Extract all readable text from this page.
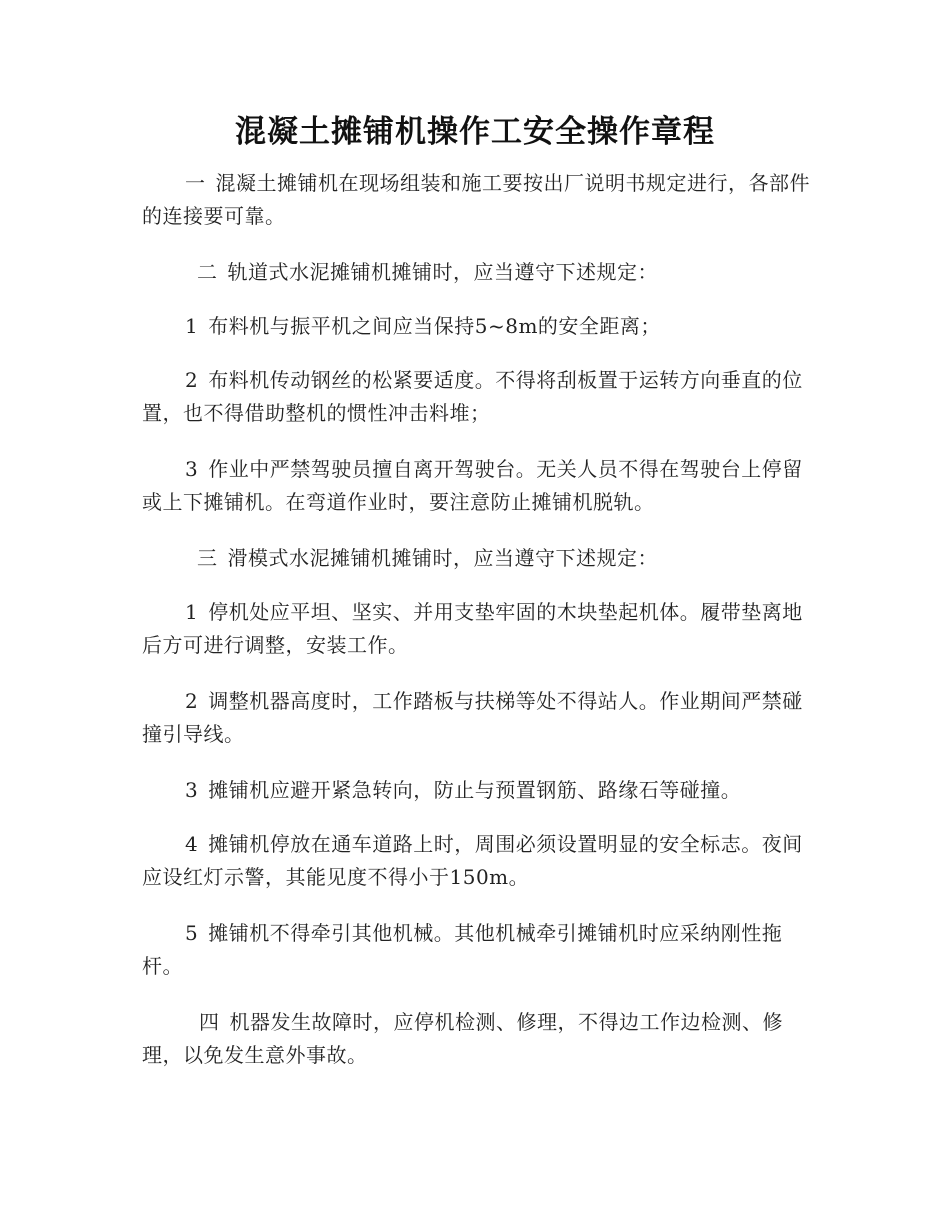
混凝土摊铺机操作工安全操作章程

一 混凝土摊铺机在现场组装和施工要按出厂说明书规定进行，各部件的连接要可靠。

二 轨道式水泥摊铺机摊铺时，应当遵守下述规定：

1 布料机与振平机之间应当保持5~8m的安全距离；

2 布料机传动钢丝的松紧要适度。不得将刮板置于运转方向垂直的位置，也不得借助整机的惯性冲击料堆；

3 作业中严禁驾驶员擅自离开驾驶台。无关人员不得在驾驶台上停留或上下摊铺机。在弯道作业时，要注意防止摊铺机脱轨。

三 滑模式水泥摊铺机摊铺时，应当遵守下述规定：

1 停机处应平坦、坚实、并用支垫牢固的木块垫起机体。履带垫离地后方可进行调整，安装工作。

2 调整机器高度时，工作踏板与扶梯等处不得站人。作业期间严禁碰撞引导线。

3 摊铺机应避开紧急转向，防止与预置钢筋、路缘石等碰撞。

4 摊铺机停放在通车道路上时，周围必须设置明显的安全标志。夜间应设红灯示警，其能见度不得小于150m。

5 摊铺机不得牵引其他机械。其他机械牵引摊铺机时应采纳刚性拖杆。

四 机器发生故障时，应停机检测、修理，不得边工作边检测、修理，以免发生意外事故。
